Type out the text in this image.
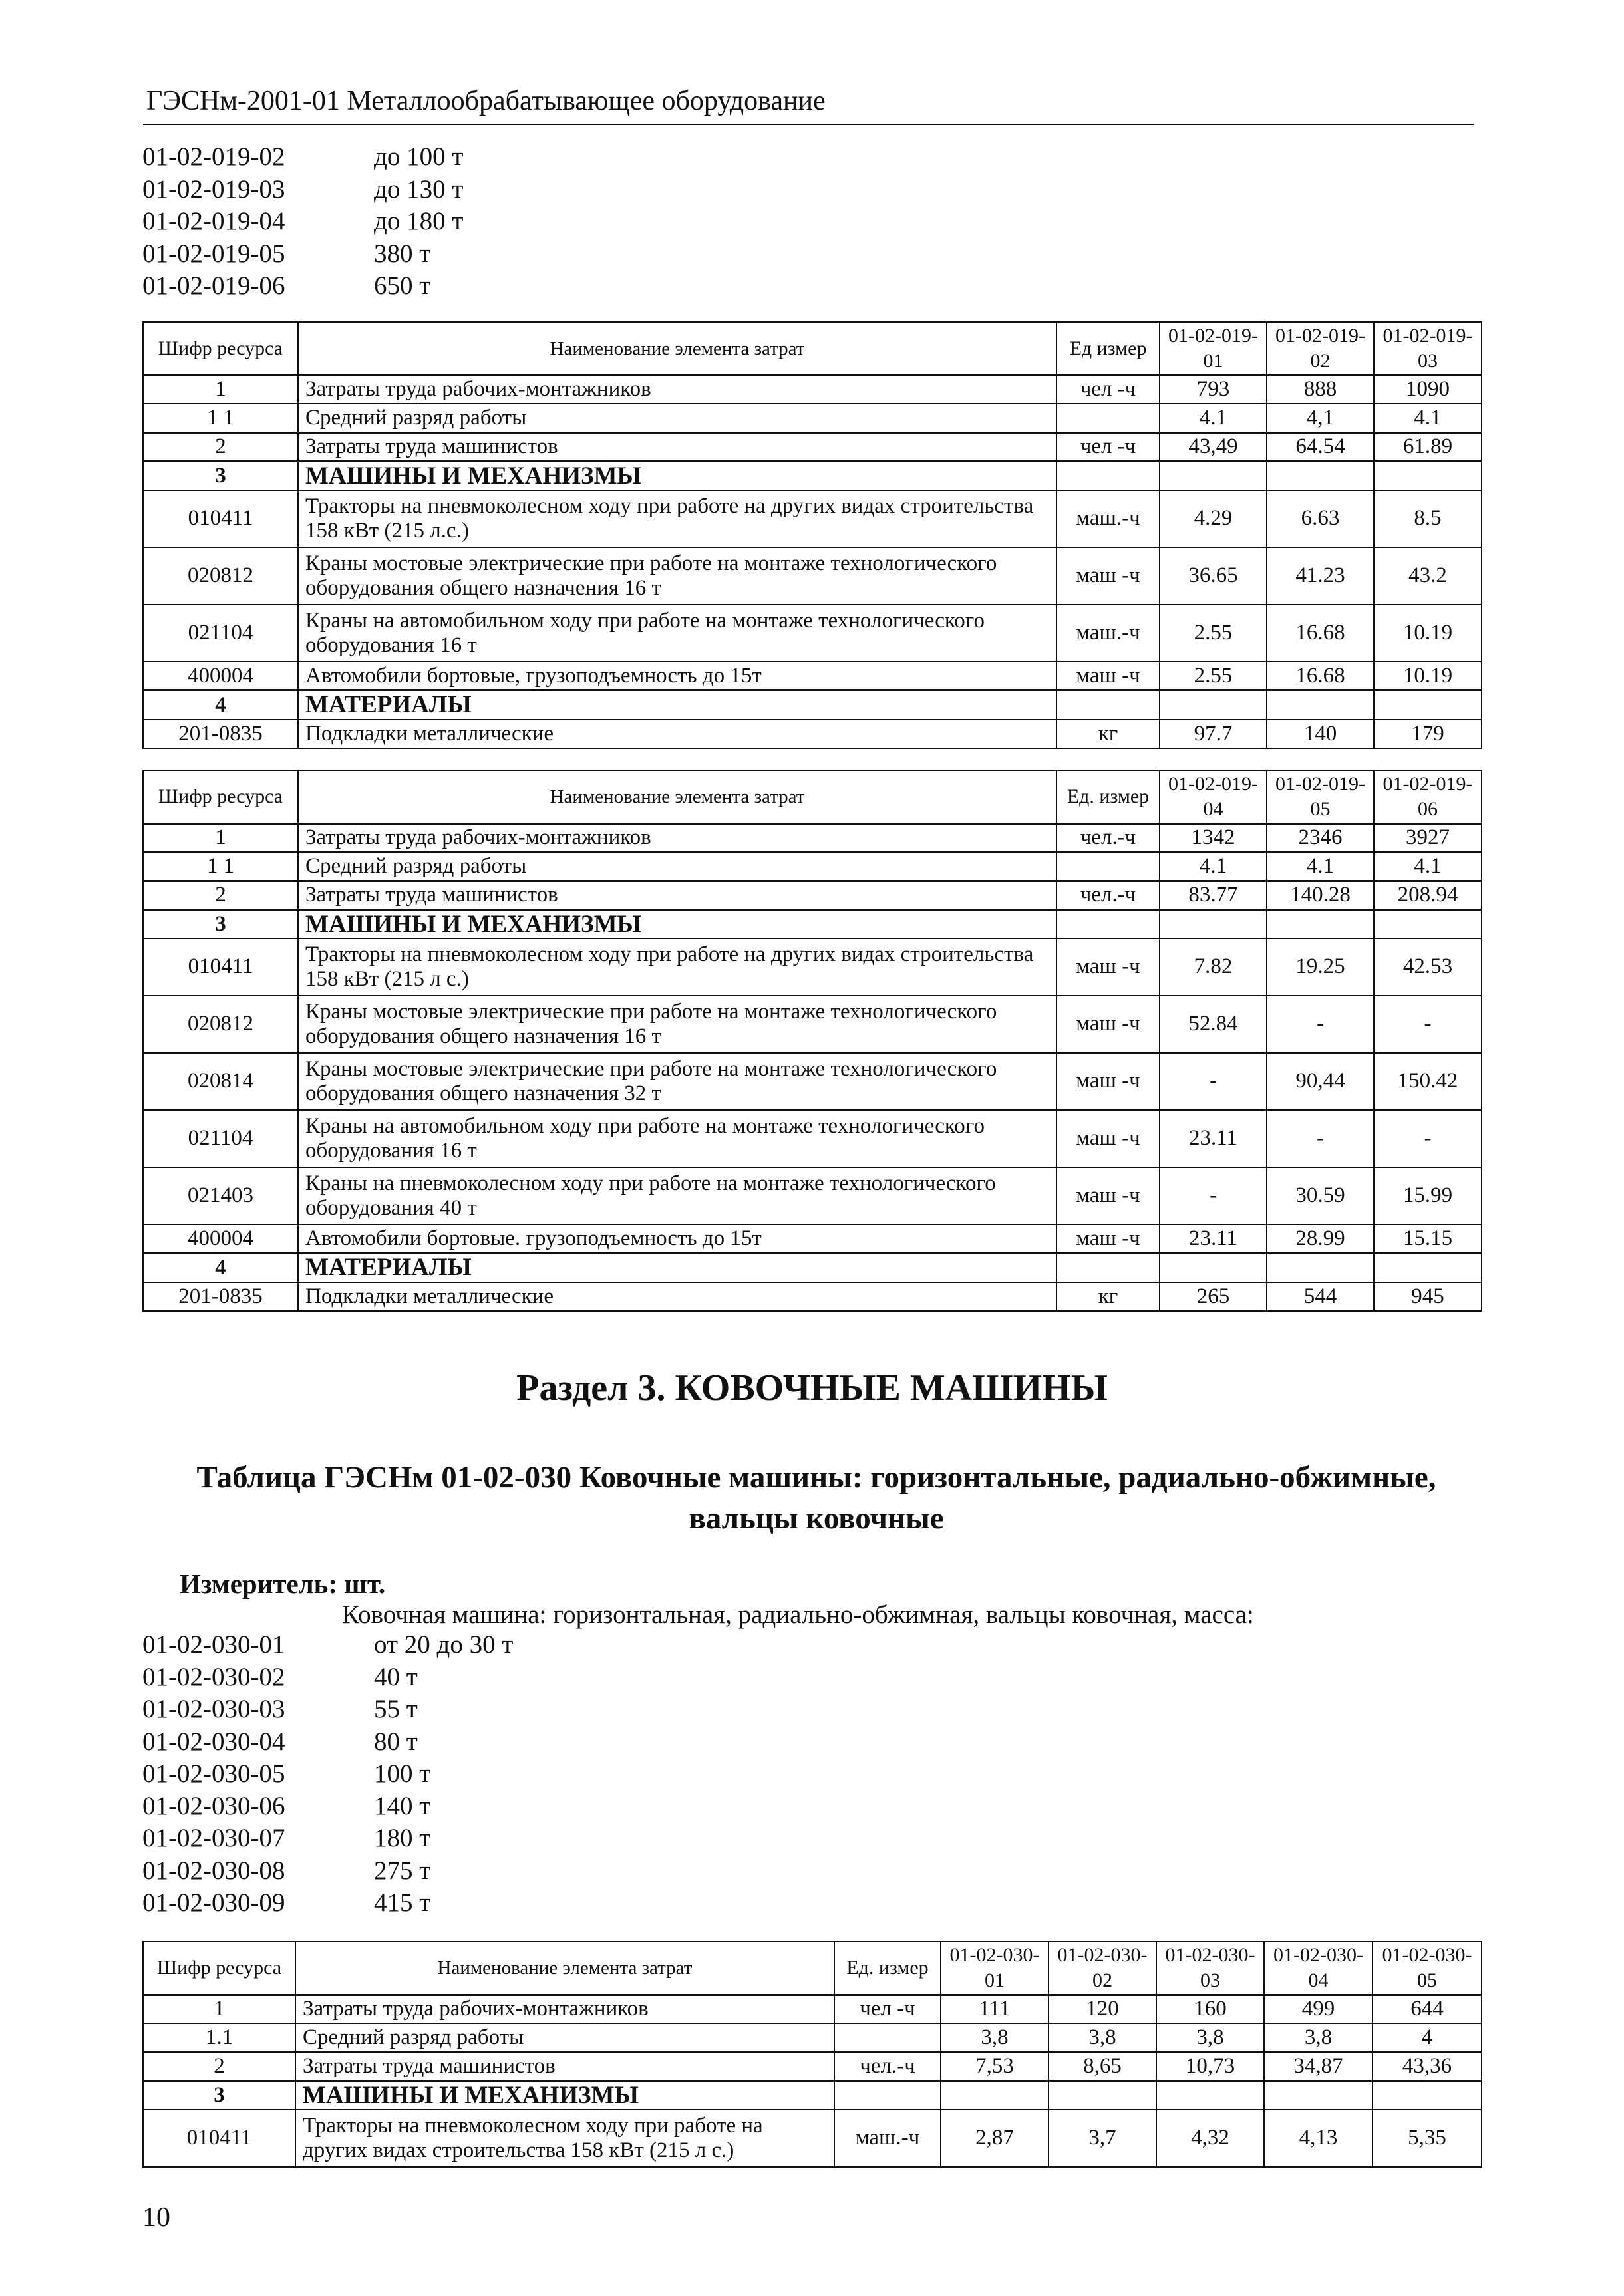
ГЭСНм-2001-01 Металлообрабатывающее оборудование
01-02-019-02	до 100 т
01-02-019-03	до 130 т
01-02-019-04	до 180 т
01-02-019-05	380 т
01-02-019-06	650 т
Шифр ресурса	Наименование элемента затрат	Ед измер	01-02-019-01	01-02-019-02	01-02-019-03
1	Затраты труда рабочих-монтажников	чел -ч	793	888	1090
1 1	Средний разряд работы		4.1	4,1	4.1
2	Затраты труда машинистов	чел -ч	43,49	64.54	61.89
3	МАШИНЫ И МЕХАНИЗМЫ				
010411	Тракторы на пневмоколесном ходу при работе на других видах строительства 158 кВт (215 л.с.)	маш.-ч	4.29	6.63	8.5
020812	Краны мостовые электрические при работе на монтаже технологического оборудования общего назначения 16 т	маш -ч	36.65	41.23	43.2
021104	Краны на автомобильном ходу при работе на монтаже технологического оборудования 16 т	маш.-ч	2.55	16.68	10.19
400004	Автомобили бортовые, грузоподъемность до 15т	маш -ч	2.55	16.68	10.19
4	МАТЕРИАЛЫ				
201-0835	Подкладки металлические	кг	97.7	140	179
Шифр ресурса	Наименование элемента затрат	Ед. измер	01-02-019-04	01-02-019-05	01-02-019-06
1	Затраты труда рабочих-монтажников	чел.-ч	1342	2346	3927
1 1	Средний разряд работы		4.1	4.1	4.1
2	Затраты труда машинистов	чел.-ч	83.77	140.28	208.94
3	МАШИНЫ И МЕХАНИЗМЫ				
010411	Тракторы на пневмоколесном ходу при работе на других видах строительства 158 кВт (215 л с.)	маш -ч	7.82	19.25	42.53
020812	Краны мостовые электрические при работе на монтаже технологического оборудования общего назначения 16 т	маш -ч	52.84	-	-
020814	Краны мостовые электрические при работе на монтаже технологического оборудования общего назначения 32 т	маш -ч	-	90,44	150.42
021104	Краны на автомобильном ходу при работе на монтаже технологического оборудования 16 т	маш -ч	23.11	-	-
021403	Краны на пневмоколесном ходу при работе на монтаже технологического оборудования 40 т	маш -ч	-	30.59	15.99
400004	Автомобили бортовые. грузоподъемность до 15т	маш -ч	23.11	28.99	15.15
4	МАТЕРИАЛЫ				
201-0835	Подкладки металлические	кг	265	544	945
Раздел 3. КОВОЧНЫЕ МАШИНЫ
Таблица ГЭСНм 01-02-030 Ковочные машины: горизонтальные, радиально-обжимные, вальцы ковочные
Измеритель: шт.
Ковочная машина: горизонтальная, радиально-обжимная, вальцы ковочная, масса:
01-02-030-01	от 20 до 30 т
01-02-030-02	40 т
01-02-030-03	55 т
01-02-030-04	80 т
01-02-030-05	100 т
01-02-030-06	140 т
01-02-030-07	180 т
01-02-030-08	275 т
01-02-030-09	415 т
Шифр ресурса	Наименование элемента затрат	Ед. измер	01-02-030-01	01-02-030-02	01-02-030-03	01-02-030-04	01-02-030-05
1	Затраты труда рабочих-монтажников	чел -ч	111	120	160	499	644
1.1	Средний разряд работы		3,8	3,8	3,8	3,8	4
2	Затраты труда машинистов	чел.-ч	7,53	8,65	10,73	34,87	43,36
3	МАШИНЫ И МЕХАНИЗМЫ						
010411	Тракторы на пневмоколесном ходу при работе на других видах строительства 158 кВт (215 л с.)	маш.-ч	2,87	3,7	4,32	4,13	5,35
10
